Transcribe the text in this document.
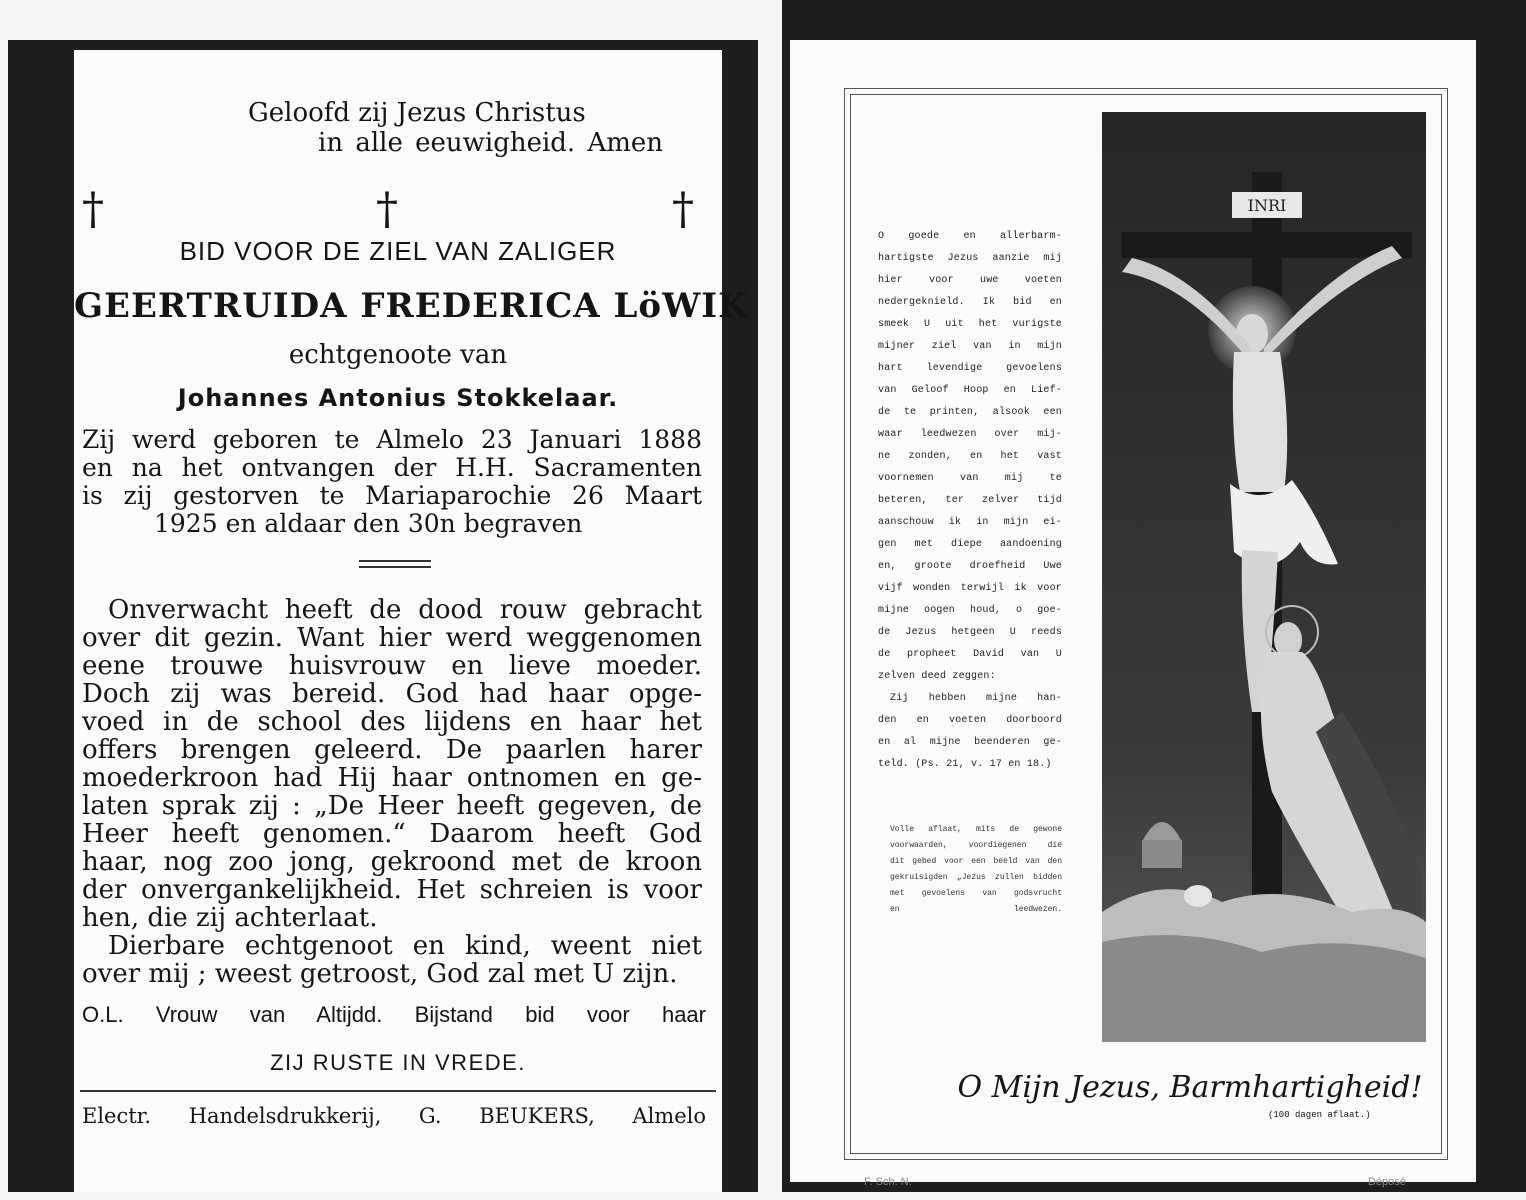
Geloofd zij Jezus Christus
in alle eeuwigheid. Amen
†	†	†
BID VOOR DE ZIEL VAN ZALIGER
GEERTRUIDA FREDERICA LöWIK
echtgenoote van
Johannes Antonius Stokkelaar.
Zij werd geboren te Almelo 23 Januari 1888
en na het ontvangen der H.H. Sacramenten
is zij gestorven te Mariaparochie 26 Maart
1925 en aldaar den 30n begraven
Onverwacht heeft de dood rouw gebracht
over dit gezin. Want hier werd weggenomen
eene trouwe huisvrouw en lieve moeder.
Doch zij was bereid. God had haar opge-
voed in de school des lijdens en haar het
offers brengen geleerd. De paarlen harer
moederkroon had Hij haar ontnomen en ge-
laten sprak zij : „De Heer heeft gegeven, de
Heer heeft genomen.“ Daarom heeft God
haar, nog zoo jong, gekroond met de kroon
der onvergankelijkheid. Het schreien is voor
hen, die zij achterlaat.
Dierbare echtgenoot en kind, weent niet
over mij ; weest getroost, God zal met U zijn.
O.L. Vrouw van Altijdd. Bijstand bid voor haar
ZIJ RUSTE IN VREDE.
Electr. Handelsdrukkerij, G. BEUKERS, Almelo
O goede en allerbarm-
hartigste Jezus aanzie mij
hier voor uwe voeten
nedergeknield. Ik bid en
smeek U uit het vurigste
mijner ziel van in mijn
hart levendige gevoelens
van Geloof Hoop en Lief-
de te printen, alsook een
waar leedwezen over mij-
ne zonden, en het vast
voornemen van mij te
beteren, ter zelver tijd
aanschouw ik in mijn ei-
gen met diepe aandoening
en, groote droefheid Uwe
vijf wonden terwijl ik voor
mijne oogen houd, o goe-
de Jezus hetgeen U reeds
de propheet David van U
zelven deed zeggen:
Zij hebben mijne han-
den en voeten doorboord
en al mijne beenderen ge-
teld. (Ps. 21, v. 17 en 18.)
Volle aflaat, mits de gewone
voorwaarden, voordiegenen die
dit gebed voor een beeld van den
gekruisigden „Jezus zullen bidden
met gevoelens van godsvrucht
en leedwezen.
INRI
O Mijn Jezus, Barmhartigheid!
(100 dagen aflaat.)
F. Sch. N.	Déposé
